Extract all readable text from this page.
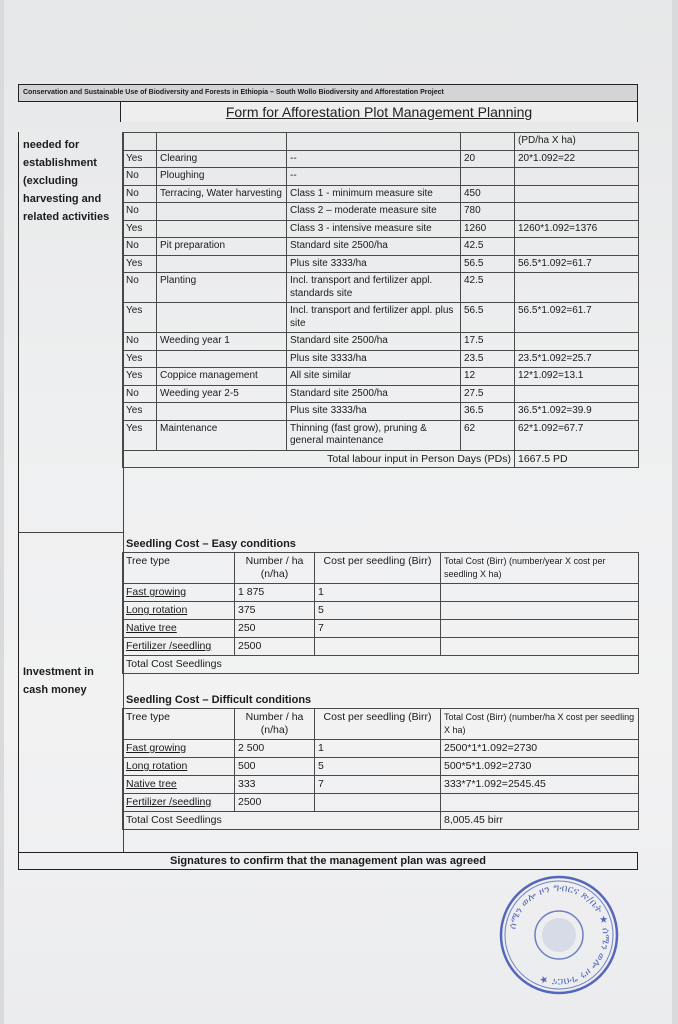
Conservation and Sustainable Use of Biodiversity and Forests in Ethiopia – South Wollo Biodiversity and Afforestation Project
Form for Afforestation Plot Management Planning
needed for establishment (excluding harvesting and related activities
Investment in cash money
				(PD/ha X ha)
Yes	Clearing	--	20	20*1.092=22
No	Ploughing	--		
No	Terracing, Water harvesting	Class 1 - minimum measure site	450	
No		Class 2 – moderate measure site	780	
Yes		Class 3 - intensive measure site	1260	1260*1.092=1376
No	Pit preparation	Standard site 2500/ha	42.5	
Yes		Plus site 3333/ha	56.5	56.5*1.092=61.7
No	Planting	Incl. transport and fertilizer appl. standards site	42.5	
Yes		Incl. transport and fertilizer appl. plus site	56.5	56.5*1.092=61.7
No	Weeding year 1	Standard site 2500/ha	17.5	
Yes		Plus site 3333/ha	23.5	23.5*1.092=25.7
Yes	Coppice management	All site similar	12	12*1.092=13.1
No	Weeding year 2-5	Standard site 2500/ha	27.5	
Yes		Plus site 3333/ha	36.5	36.5*1.092=39.9
Yes	Maintenance	Thinning (fast grow), pruning & general maintenance	62	62*1.092=67.7
Total labour input in Person Days (PDs)				1667.5 PD
Seedling Cost – Easy conditions
Tree type	Number / ha (n/ha)	Cost per seedling (Birr)	Total Cost (Birr) (number/year X cost per seedling X ha)
Fast growing	1 875	1	
Long rotation	375	5	
Native tree	250	7	
Fertilizer /seedling	2500		
Total Cost Seedlings			
Seedling Cost – Difficult conditions
Tree type	Number / ha (n/ha)	Cost per seedling (Birr)	Total Cost (Birr) (number/ha X cost per seedling X ha)
Fast growing	2 500	1	2500*1*1.092=2730
Long rotation	500	5	500*5*1.092=2730
Native tree	333	7	333*7*1.092=2545.45
Fertilizer /seedling	2500		
Total Cost Seedlings			8,005.45 birr
Signatures to confirm that the management plan was agreed
ሰሜን ወሎ ዞን ግብርና ጽ/ቤት ★ ሰሜን ወሎ ዞን ግብርና ★
